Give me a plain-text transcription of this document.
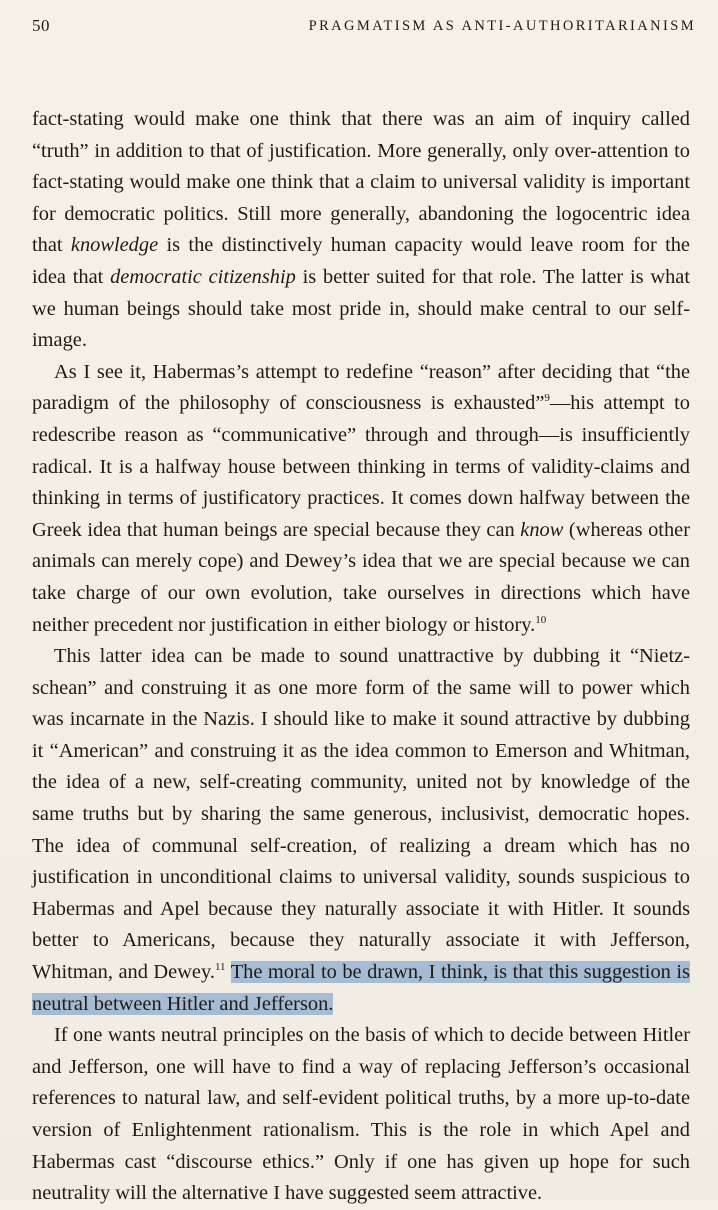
50	PRAGMATISM AS ANTI-AUTHORITARIANISM

fact-stating would make one think that there was an aim of inquiry called “truth” in addition to that of justification. More generally, only over-attention to fact-stating would make one think that a claim to universal validity is important for democratic politics. Still more generally, abandoning the logocentric idea that knowledge is the distinctively human capacity would leave room for the idea that democratic citizenship is better suited for that role. The latter is what we human beings should take most pride in, should make central to our self-image.

As I see it, Habermas’s attempt to redefine “reason” after deciding that “the paradigm of the philosophy of consciousness is exhausted”$^9$—his attempt to redescribe reason as “communicative” through and through—is insufficiently radical. It is a halfway house between thinking in terms of validity-claims and thinking in terms of justificatory practices. It comes down halfway between the Greek idea that human beings are special because they can know (whereas other animals can merely cope) and Dewey’s idea that we are special because we can take charge of our own evolution, take ourselves in directions which have neither precedent nor justification in either biology or history.$^{10}$

This latter idea can be made to sound unattractive by dubbing it “Nietzschean” and construing it as one more form of the same will to power which was incarnate in the Nazis. I should like to make it sound attractive by dubbing it “American” and construing it as the idea common to Emerson and Whitman, the idea of a new, self-creating community, united not by knowledge of the same truths but by sharing the same generous, inclusivist, democratic hopes. The idea of communal self-creation, of realizing a dream which has no justification in unconditional claims to universal validity, sounds suspicious to Habermas and Apel because they naturally associate it with Hitler. It sounds better to Americans, because they naturally associate it with Jefferson, Whitman, and Dewey.$^{11}$ The moral to be drawn, I think, is that this suggestion is neutral between Hitler and Jefferson.

If one wants neutral principles on the basis of which to decide between Hitler and Jefferson, one will have to find a way of replacing Jefferson’s occasional references to natural law, and self-evident political truths, by a more up-to-date version of Enlightenment rationalism. This is the role in which Apel and Habermas cast “discourse ethics.” Only if one has given up hope for such neutrality will the alternative I have suggested seem attractive.
